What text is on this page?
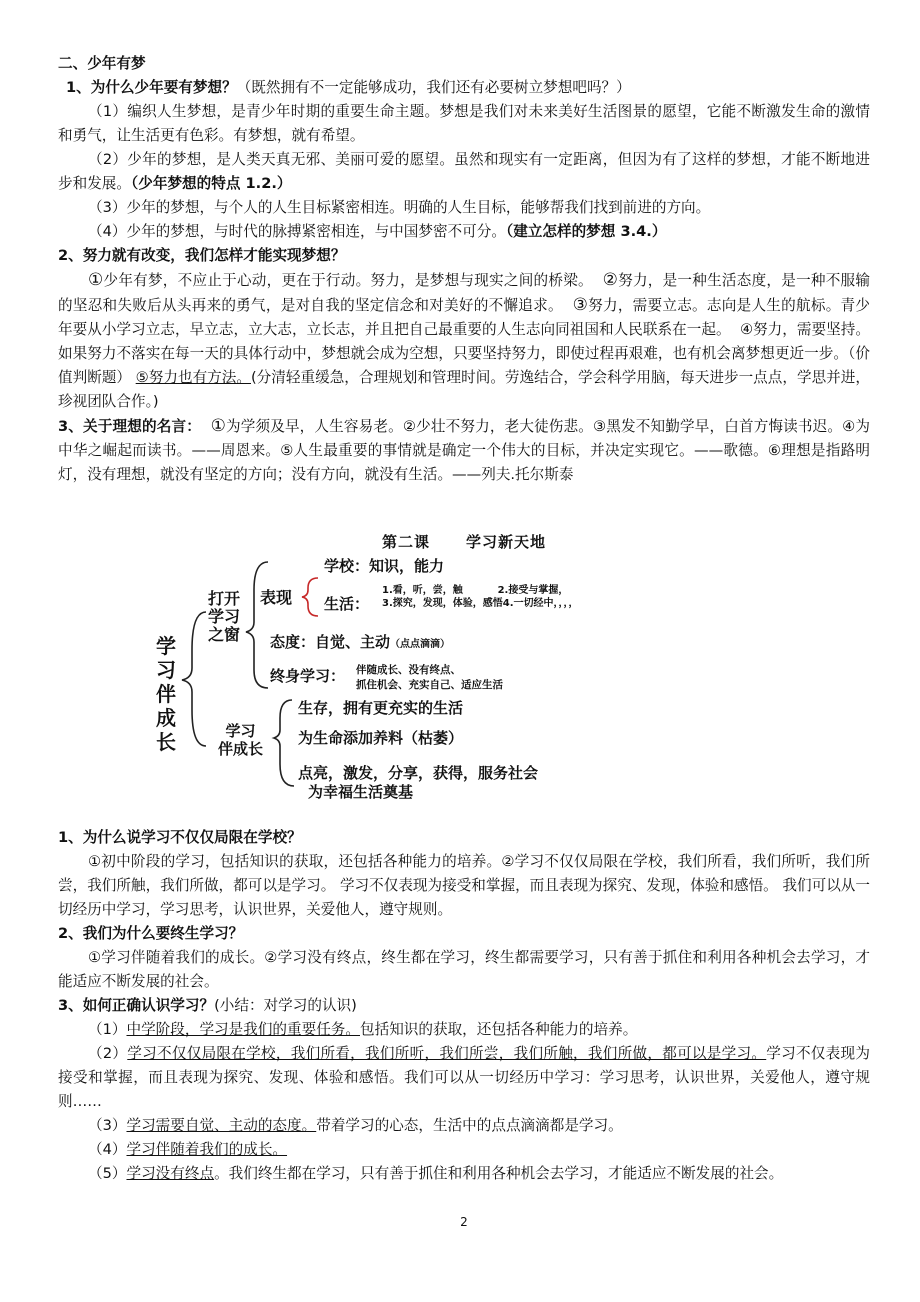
二、少年有梦

1、为什么少年要有梦想？（既然拥有不一定能够成功，我们还有必要树立梦想吧吗？）

（1）编织人生梦想，是青少年时期的重要生命主题。梦想是我们对未来美好生活图景的愿望，它能不断激发生命的激情和勇气，让生活更有色彩。有梦想，就有希望。

（2）少年的梦想，是人类天真无邪、美丽可爱的愿望。虽然和现实有一定距离，但因为有了这样的梦想，才能不断地进步和发展。（少年梦想的特点 1.2.）

（3）少年的梦想，与个人的人生目标紧密相连。明确的人生目标，能够帮我们找到前进的方向。

（4）少年的梦想，与时代的脉搏紧密相连，与中国梦密不可分。（建立怎样的梦想 3.4.）

2、努力就有改变，我们怎样才能实现梦想？

①少年有梦，不应止于心动，更在于行动。努力，是梦想与现实之间的桥梁。 ②努力，是一种生活态度，是一种不服输的坚忍和失败后从头再来的勇气，是对自我的坚定信念和对美好的不懈追求。 ③努力，需要立志。志向是人生的航标。青少年要从小学习立志，早立志，立大志，立长志，并且把自己最重要的人生志向同祖国和人民联系在一起。 ④努力，需要坚持。如果努力不落实在每一天的具体行动中，梦想就会成为空想，只要坚持努力，即使过程再艰难，也有机会离梦想更近一步。（价值判断题） ⑤努力也有方法。(分清轻重缓急，合理规划和管理时间。劳逸结合，学会科学用脑，每天进步一点点，学思并进，珍视团队合作。)

3、关于理想的名言： ①为学须及早，人生容易老。②少壮不努力，老大徒伤悲。③黑发不知勤学早，白首方悔读书迟。④为中华之崛起而读书。——周恩来。⑤人生最重要的事情就是确定一个伟大的目标，并决定实现它。——歌德。⑥理想是指路明灯，没有理想，就没有坚定的方向；没有方向，就没有生活。——列夫.托尔斯泰

第二课 学习新天地
学
习
伴
成
长
打开
学习
之窗
表现
学校：知识，能力
生活：
1.看，听，尝，触          2.接受与掌握，
3.探究，发现，体验，感悟4.一切经中，，，，
态度：自觉、主动（点点滴滴）
终身学习： 伴随成长、没有终点、
抓住机会、充实自己、适应生活
学习
伴成长
生存，拥有更充实的生活
为生命添加养料（枯萎）
点亮，激发，分享，获得，服务社会
为幸福生活奠基

1、为什么说学习不仅仅局限在学校？

①初中阶段的学习，包括知识的获取，还包括各种能力的培养。②学习不仅仅局限在学校，我们所看，我们所听，我们所尝，我们所触，我们所做，都可以是学习。 学习不仅表现为接受和掌握，而且表现为探究、发现，体验和感悟。 我们可以从一切经历中学习，学习思考，认识世界，关爱他人，遵守规则。

2、我们为什么要终生学习？

①学习伴随着我们的成长。②学习没有终点，终生都在学习，终生都需要学习，只有善于抓住和利用各种机会去学习，才能适应不断发展的社会。

3、如何正确认识学习？(小结：对学习的认识)

（1）中学阶段，学习是我们的重要任务。包括知识的获取，还包括各种能力的培养。

（2）学习不仅仅局限在学校，我们所看，我们所听，我们所尝，我们所触，我们所做，都可以是学习。学习不仅表现为接受和掌握，而且表现为探究、发现、体验和感悟。我们可以从一切经历中学习：学习思考，认识世界，关爱他人，遵守规则……

（3）学习需要自觉、主动的态度。带着学习的心态，生活中的点点滴滴都是学习。

（4）学习伴随着我们的成长。

（5）学习没有终点。我们终生都在学习，只有善于抓住和利用各种机会去学习，才能适应不断发展的社会。

2
